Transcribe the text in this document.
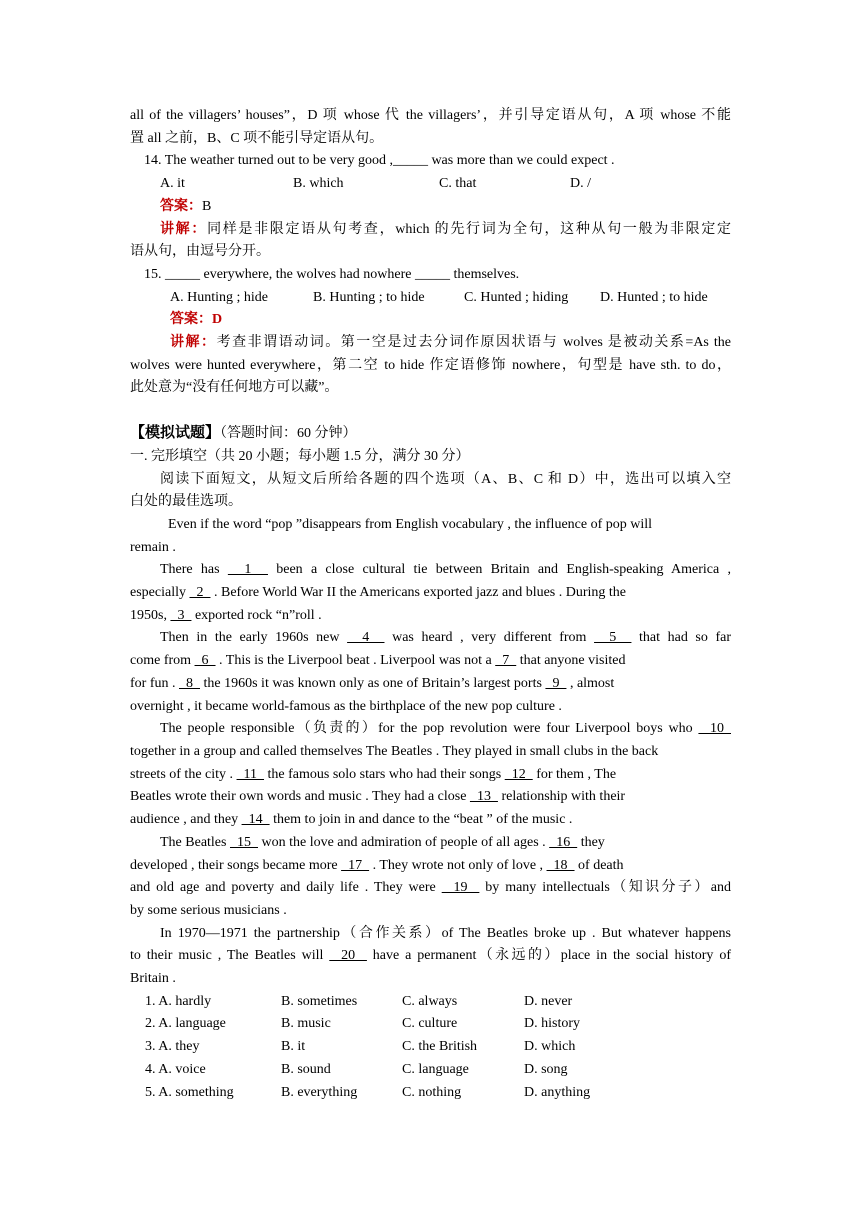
all of the villagers’ houses”，D 项 whose 代 the villagers’，并引导定语从句，A 项 whose 不能
置 all 之前，B、C 项不能引导定语从句。
14. The weather turned out to be very good ,_____ was more than we could expect .
A. it	B. which	C. that	D. /
答案：B
讲解：同样是非限定语从句考查，which 的先行词为全句，这种从句一般为非限定定
语从句，由逗号分开。
15. _____ everywhere, the wolves had nowhere _____ themselves.
A. Hunting ; hide	B. Hunting ; to hide	C. Hunted ; hiding	D. Hunted ; to hide
答案：D
讲解：考查非谓语动词。第一空是过去分词作原因状语与 wolves 是被动关系=As the
wolves were hunted everywhere，第二空 to hide 作定语修饰 nowhere，句型是 have sth. to do，
此处意为“没有任何地方可以藏”。
【模拟试题】（答题时间：60 分钟）
一. 完形填空（共 20 小题；每小题 1.5 分，满分 30 分）
阅读下面短文，从短文后所给各题的四个选项（A、B、C 和 D）中，选出可以填入空
白处的最佳选项。
Even if the word “pop ”disappears from English vocabulary , the influence of pop will
remain .
There has   1   been a close cultural tie between Britain and English-speaking America ,
especially   2   . Before World War II the Americans exported jazz and blues . During the
1950s,   3   exported rock “n”roll .
Then in the early 1960s new   4   was heard , very different from   5   that had so far
come from   6   . This is the Liverpool beat . Liverpool was not a   7   that anyone visited
for fun .   8   the 1960s it was known only as one of Britain’s largest ports   9   , almost
overnight , it became world-famous as the birthplace of the new pop culture .
The people responsible（负责的）for the pop revolution were four Liverpool boys who   10
together in a group and called themselves The Beatles . They played in small clubs in the back
streets of the city .   11   the famous solo stars who had their songs   12   for them , The
Beatles wrote their own words and music . They had a close   13   relationship with their
audience , and they   14   them to join in and dance to the “beat ” of the music .
The Beatles   15   won the love and admiration of people of all ages .   16   they
developed , their songs became more   17   . They wrote not only of love ,   18   of death
and old age and poverty and daily life . They were   19   by many intellectuals（知识分子）and
by some serious musicians .
In 1970—1971 the partnership（合作关系）of The Beatles broke up . But whatever happens
to their music , The Beatles will   20   have a permanent（永远的）place in the social history of
Britain .
1. A. hardly	B. sometimes	C. always	D. never
2. A. language	B. music	C. culture	D. history
3. A. they	B. it	C. the British	D. which
4. A. voice	B. sound	C. language	D. song
5. A. something	B. everything	C. nothing	D. anything
